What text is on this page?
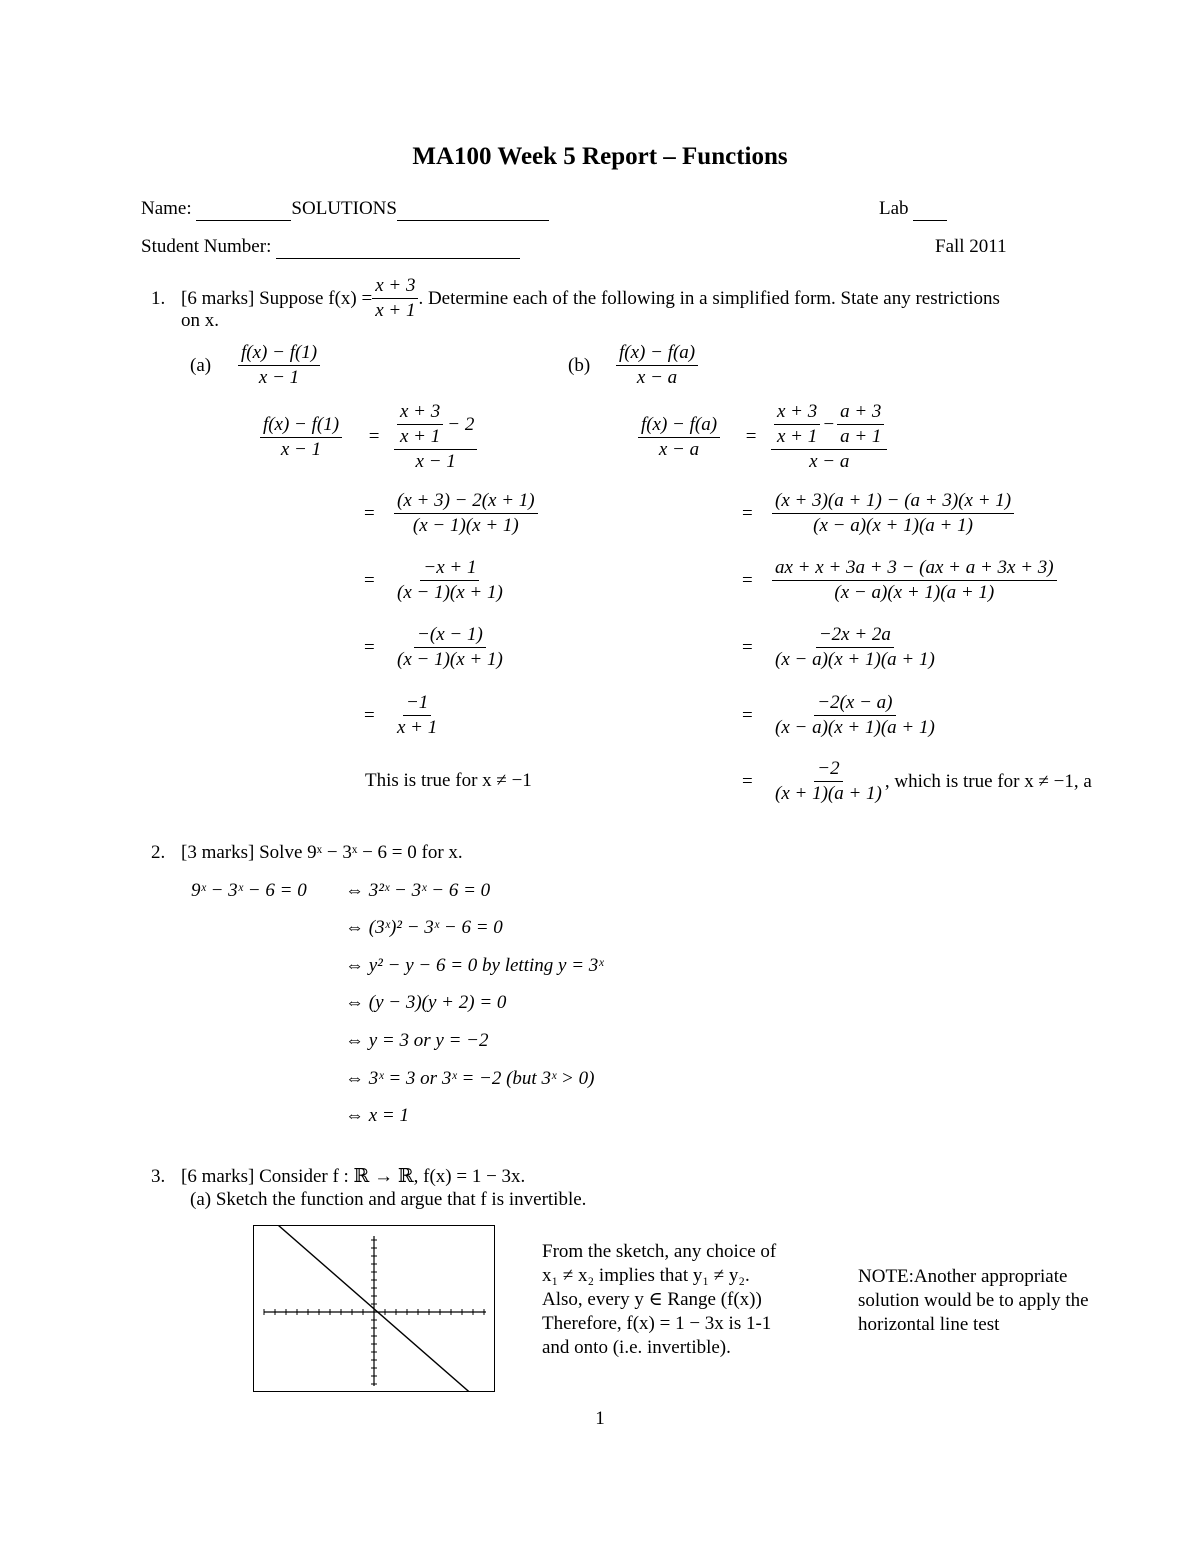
MA100 Week 5 Report – Functions
Name:	SOLUTIONS	Lab
Student Number:	Fall 2011
1. [6 marks]
Suppose $f(x) = \frac{x + 3}{x + 1}$ . Determine each of the following in a simplified form. State any restrictions
on x.
(a)	$\frac{f(x) - f(1)}{x - 1}$	(b)	$\frac{f(x) - f(a)}{x - a}$
$\frac{f(x) - f(1)}{x - 1} = \frac{\frac{x + 3}{x + 1} - 2}{x - 1}$
=	$\frac{(x + 3) - 2(x + 1)}{(x - 1)(x + 1)}$
=	$\frac{-x + 1}{(x - 1)(x + 1)}$
=	$\frac{-(x - 1)}{(x - 1)(x + 1)}$
=	$\frac{-1}{x + 1}$
This is true for x ≠ −1
$\frac{f(x) - f(a)}{x - a} = \frac{x + 3}{x + 1} - \frac{a + 3}{a + 1}$
x − a
=	$\frac{(x + 3)(a + 1) - (a + 3)(x + 1)}{(x - a)(x + 1)(a + 1)}$
=	$\frac{ax + x + 3a + 3 - (ax + a + 3x + 3)}{(x - a)(x + 1)(a + 1)}$
=	$\frac{-2x + 2a}{(x - a)(x + 1)(a + 1)}$
=	$\frac{-2(x - a)}{(x - a)(x + 1)(a + 1)}$
=	$\frac{-2}{(x + 1)(a + 1)}$ , which is true for x ≠ −1, a
2. [3 marks]
Solve 9ˣ − 3ˣ − 6 = 0 for x.
9ˣ − 3ˣ − 6 = 0 ⇔ 3²ˣ − 3ˣ − 6 = 0
⇔ (3ˣ)² − 3ˣ − 6 = 0
⇔ y² − y − 6 = 0 by letting y = 3ˣ
⇔ (y − 3)(y + 2) = 0
⇔ y = 3 or y = −2
⇔ 3ˣ = 3 or 3ˣ = −2 (but 3ˣ > 0)
⇔ x = 1
3. [6 marks]
Consider f : ℝ → ℝ, f(x) = 1 − 3x.
(a) Sketch the function and argue that f is invertible.
From the sketch, any choice of
x₁ ≠ x₂ implies that y₁ ≠ y₂.
Also, every y ∈ Range (f(x))
Therefore, f(x) = 1 − 3x is 1-1
and onto (i.e. invertible).
NOTE:Another appropriate
solution would be to apply the
horizontal line test
1
